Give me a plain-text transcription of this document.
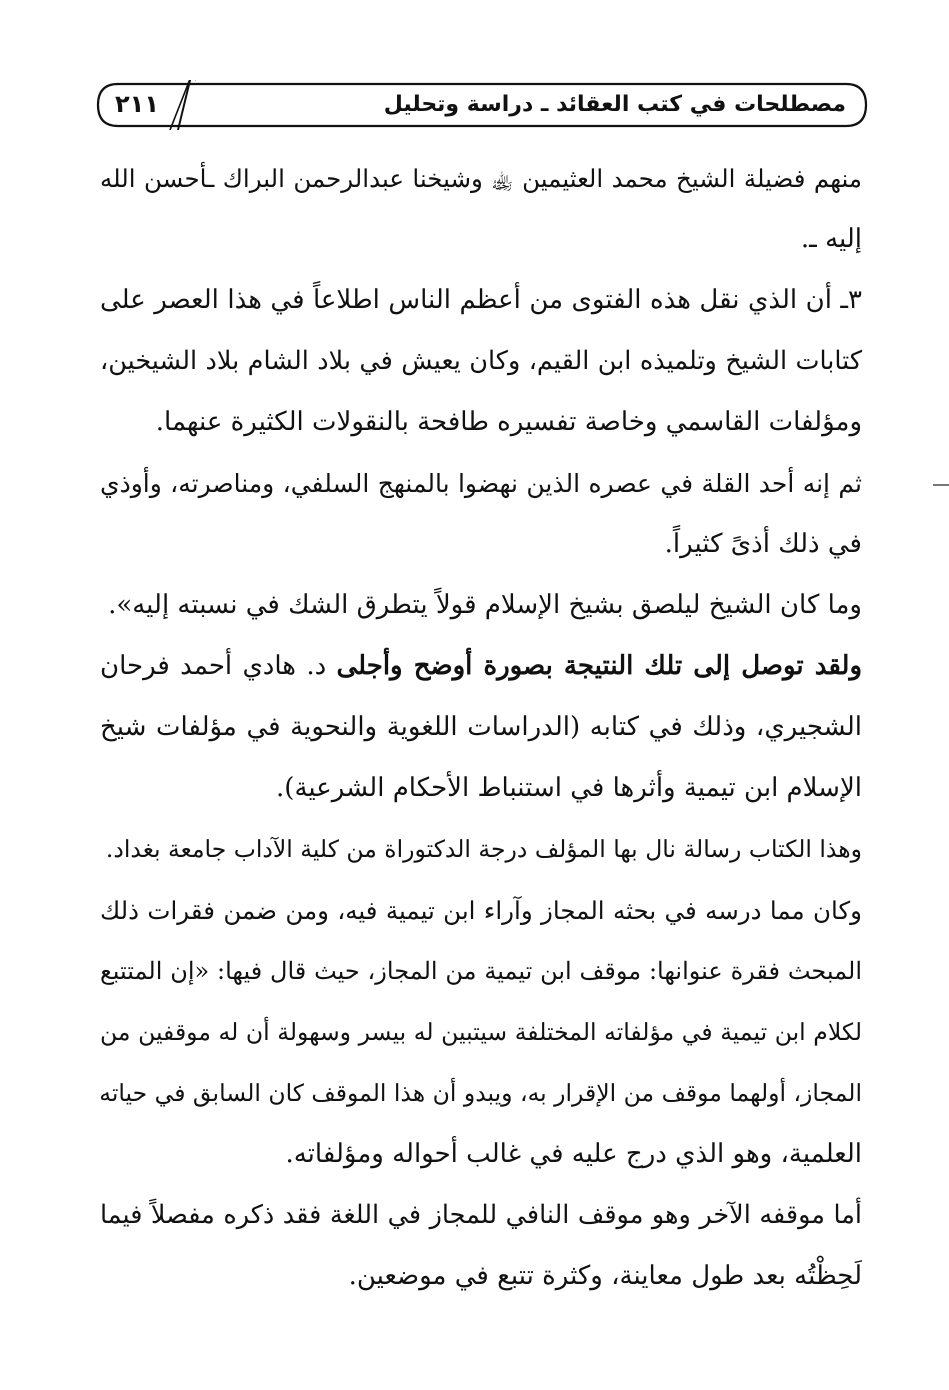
مصطلحات في كتب العقائد ـ دراسة وتحليل
٢١١
منهم فضيلة الشيخ محمد العثيمين ﵀ وشيخنا عبدالرحمن البراك ـأحسن الله
إليه ـ.
٣ـ أن الذي نقل هذه الفتوى من أعظم الناس اطلاعاً في هذا العصر على
كتابات الشيخ وتلميذه ابن القيم، وكان يعيش في بلاد الشام بلاد الشيخين،
ومؤلفات القاسمي وخاصة تفسيره طافحة بالنقولات الكثيرة عنهما.
ثم إنه أحد القلة في عصره الذين نهضوا بالمنهج السلفي، ومناصرته، وأوذي
في ذلك أذىً كثيراً.
وما كان الشيخ ليلصق بشيخ الإسلام قولاً يتطرق الشك في نسبته إليه».
ولقد توصل إلى تلك النتيجة بصورة أوضح وأجلى د. هادي أحمد فرحان
الشجيري، وذلك في كتابه (الدراسات اللغوية والنحوية في مؤلفات شيخ
الإسلام ابن تيمية وأثرها في استنباط الأحكام الشرعية).
وهذا الكتاب رسالة نال بها المؤلف درجة الدكتوراة من كلية الآداب جامعة بغداد.
وكان مما درسه في بحثه المجاز وآراء ابن تيمية فيه، ومن ضمن فقرات ذلك
المبحث فقرة عنوانها: موقف ابن تيمية من المجاز، حيث قال فيها: «إن المتتبع
لكلام ابن تيمية في مؤلفاته المختلفة سيتبين له بيسر وسهولة أن له موقفين من
المجاز، أولهما موقف من الإقرار به، ويبدو أن هذا الموقف كان السابق في حياته
العلمية، وهو الذي درج عليه في غالب أحواله ومؤلفاته.
أما موقفه الآخر وهو موقف النافي للمجاز في اللغة فقد ذكره مفصلاً فيما
لَحِظْتُه بعد طول معاينة، وكثرة تتبع في موضعين.
